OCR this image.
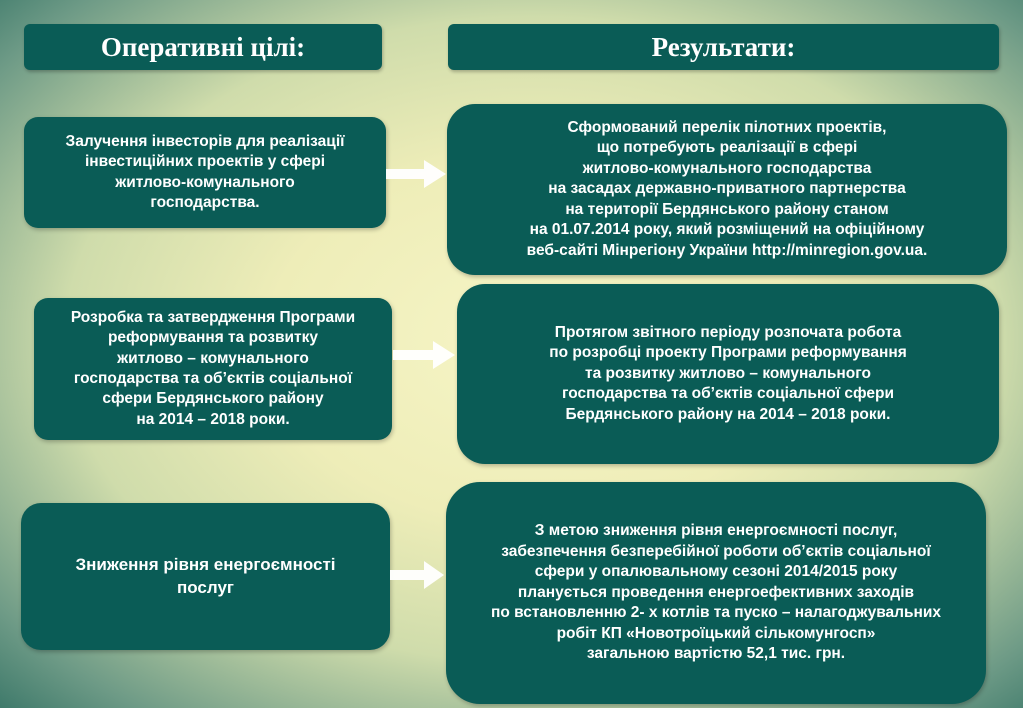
Оперативні цілі:	Результати:
Залучення інвесторів для реалізації
інвестиційних проектів у сфері
житлово-комунального
господарства.
Розробка та затвердження Програми
реформування та розвитку
житлово – комунального
господарства та об’єктів соціальної
сфери Бердянського району
на 2014 – 2018 роки.
Зниження рівня енергоємності
послуг
Сформований перелік пілотних проектів,
що потребують реалізації в сфері
житлово-комунального господарства
на засадах державно-приватного партнерства
на території Бердянського району станом
на 01.07.2014 року, який розміщений на офіційному
веб-сайті Мінрегіону України http://minregion.gov.ua.
Протягом звітного періоду розпочата робота
по розробці проекту Програми реформування
та розвитку житлово – комунального
господарства та об’єктів соціальної сфери
Бердянського району на 2014 – 2018 роки.
З метою зниження рівня енергоємності послуг,
забезпечення безперебійної роботи об’єктів соціальної
сфери у опалювальному сезоні 2014/2015 року
планується проведення енергоефективних заходів
по встановленню 2- х котлів та пуско – налагоджувальних
робіт КП «Новотроїцький сількомунгосп»
загальною вартістю 52,1 тис. грн.
